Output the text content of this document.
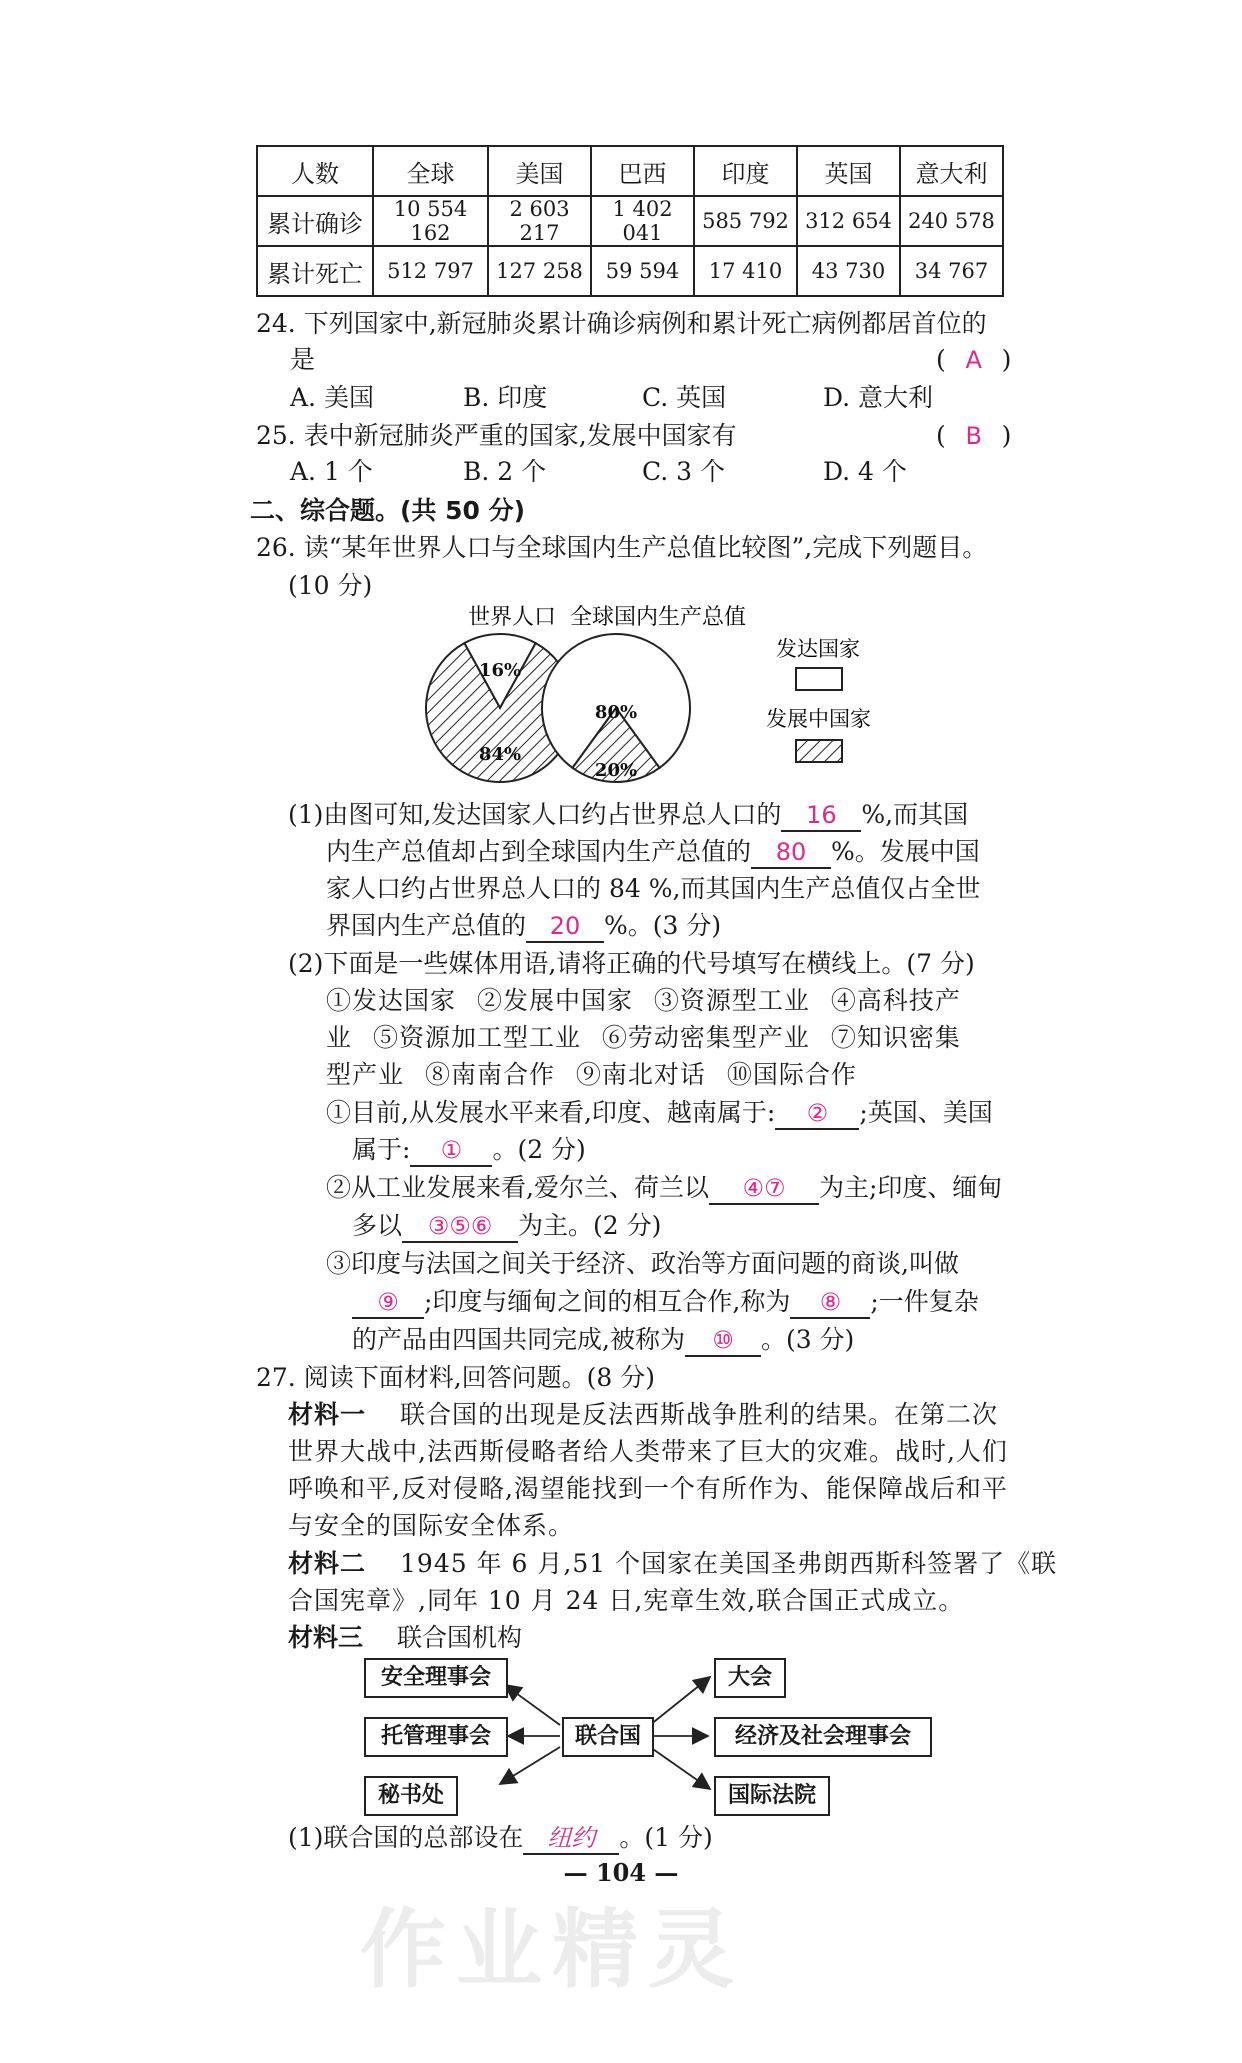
人数	全球	美国	巴西	印度	英国	意大利
累计确诊	10 554 162	2 603 217	1 402 041	585 792	312 654	240 578
累计死亡	512 797	127 258	59 594	17 410	43 730	34 767
24. 下列国家中,新冠肺炎累计确诊病例和累计死亡病例都居首位的
是	( A )
A. 美国	B. 印度	C. 英国	D. 意大利
25. 表中新冠肺炎严重的国家,发展中国家有	( B )
A. 1 个	B. 2 个	C. 3 个	D. 4 个
二、综合题。(共 50 分)
26. 读“某年世界人口与全球国内生产总值比较图”,完成下列题目。
(10 分)
世界人口 全球国内生产总值
16%
84%
80%
20%
发达国家
发展中国家
(1)由图可知,发达国家人口约占世界总人口的 16 %,而其国
内生产总值却占到全球国内生产总值的 80 %。发展中国
家人口约占世界总人口的 84 %,而其国内生产总值仅占全世
界国内生产总值的 20 %。(3 分)
(2)下面是一些媒体用语,请将正确的代号填写在横线上。(7 分)
①发达国家 ②发展中国家 ③资源型工业 ④高科技产
业 ⑤资源加工型工业 ⑥劳动密集型产业 ⑦知识密集
型产业 ⑧南南合作 ⑨南北对话 ⑩国际合作
①目前,从发展水平来看,印度、越南属于: ② ;英国、美国
属于: ① 。(2 分)
②从工业发展来看,爱尔兰、荷兰以 ④⑦ 为主;印度、缅甸
多以 ③⑤⑥ 为主。(2 分)
③印度与法国之间关于经济、政治等方面问题的商谈,叫做
⑨ ;印度与缅甸之间的相互合作,称为 ⑧ ;一件复杂
的产品由四国共同完成,被称为 ⑩ 。(3 分)
27. 阅读下面材料,回答问题。(8 分)
材料一 联合国的出现是反法西斯战争胜利的结果。在第二次
世界大战中,法西斯侵略者给人类带来了巨大的灾难。战时,人们
呼唤和平,反对侵略,渴望能找到一个有所作为、能保障战后和平
与安全的国际安全体系。
材料二 1945 年 6 月,51 个国家在美国圣弗朗西斯科签署了《联
合国宪章》,同年 10 月 24 日,宪章生效,联合国正式成立。
材料三 联合国机构
安全理事会
托管理事会
秘书处
联合国
大会
经济及社会理事会
国际法院
(1)联合国的总部设在 纽约 。(1 分)
— 104 —
作业精灵
